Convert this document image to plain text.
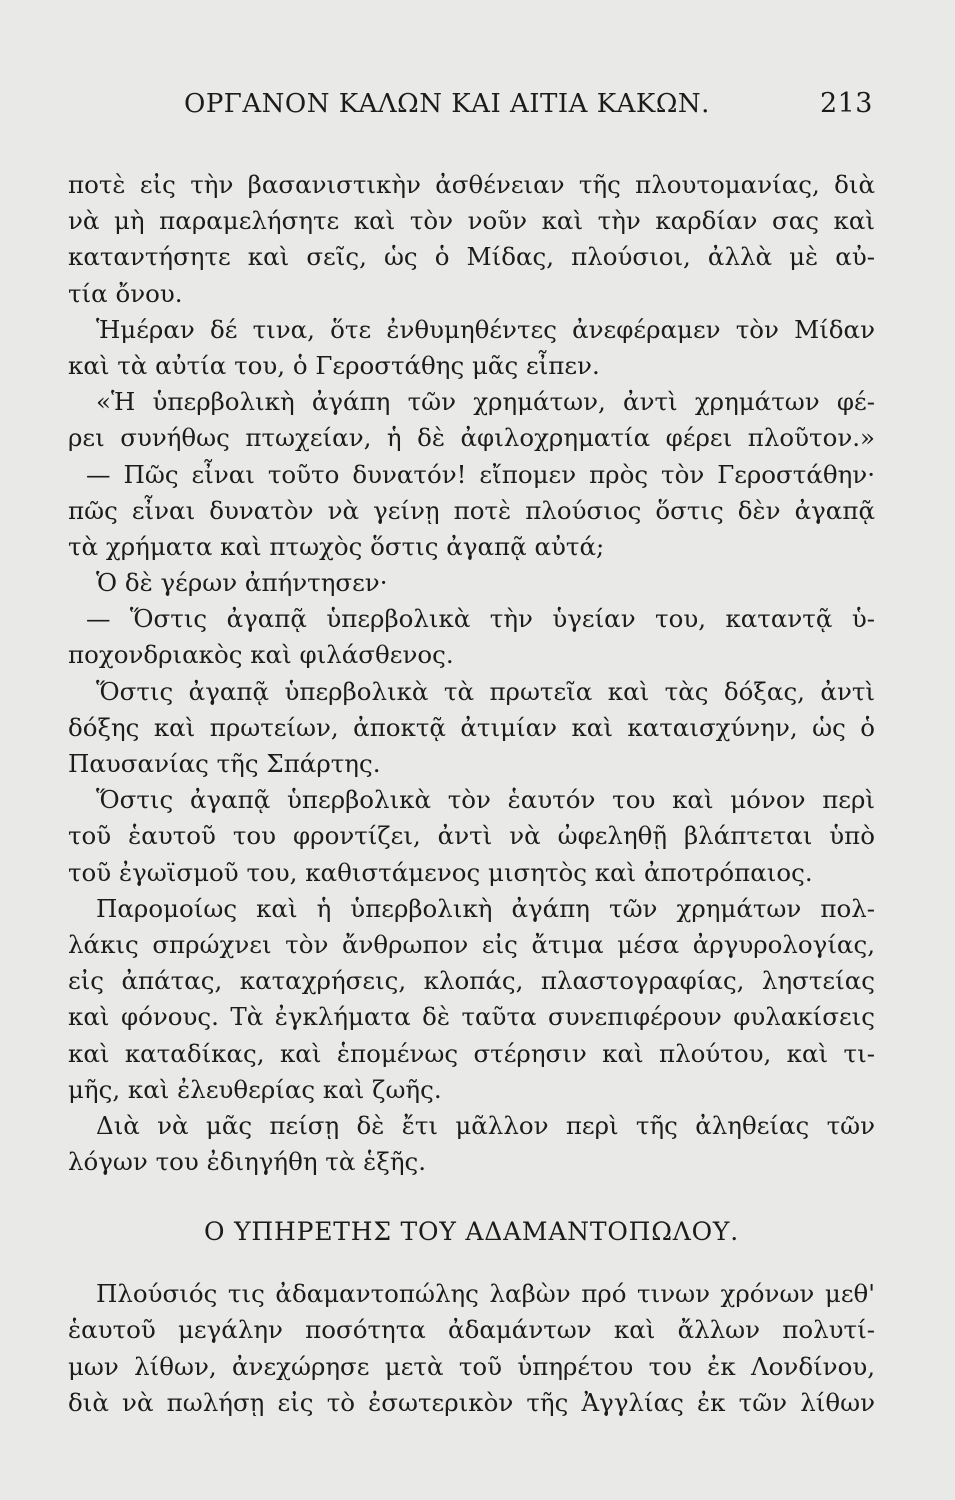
ΟΡΓΑΝΟΝ ΚΑΛΩΝ ΚΑΙ ΑΙΤΙΑ ΚΑΚΩΝ.	213
ποτὲ εἰς τὴν βασανιστικὴν ἀσθένειαν τῆς πλουτομανίας, διὰ
νὰ μὴ παραμελήσητε καὶ τὸν νοῦν καὶ τὴν καρδίαν σας καὶ
καταντήσητε καὶ σεῖς, ὡς ὁ Μίδας, πλούσιοι, ἀλλὰ μὲ αὐ-
τία ὄνου.
Ἡμέραν δέ τινα, ὅτε ἐνθυμηθέντες ἀνεφέραμεν τὸν Μίδαν
καὶ τὰ αὐτία του, ὁ Γεροστάθης μᾶς εἶπεν.
«Ἡ ὑπερβολικὴ ἀγάπη τῶν χρημάτων, ἀντὶ χρημάτων φέ-
ρει συνήθως πτωχείαν, ἡ δὲ ἀφιλοχρηματία φέρει πλοῦτον.»
— Πῶς εἶναι τοῦτο δυνατόν! εἴπομεν πρὸς τὸν Γεροστάθην·
πῶς εἶναι δυνατὸν νὰ γείνῃ ποτὲ πλούσιος ὅστις δὲν ἀγαπᾷ
τὰ χρήματα καὶ πτωχὸς ὅστις ἀγαπᾷ αὐτά;
Ὁ δὲ γέρων ἀπήντησεν·
— Ὅστις ἀγαπᾷ ὑπερβολικὰ τὴν ὑγείαν του, καταντᾷ ὑ-
ποχονδριακὸς καὶ φιλάσθενος.
Ὅστις ἀγαπᾷ ὑπερβολικὰ τὰ πρωτεῖα καὶ τὰς δόξας, ἀντὶ
δόξης καὶ πρωτείων, ἀποκτᾷ ἀτιμίαν καὶ καταισχύνην, ὡς ὁ
Παυσανίας τῆς Σπάρτης.
Ὅστις ἀγαπᾷ ὑπερβολικὰ τὸν ἑαυτόν του καὶ μόνον περὶ
τοῦ ἑαυτοῦ του φροντίζει, ἀντὶ νὰ ὠφεληθῇ βλάπτεται ὑπὸ
τοῦ ἐγωϊσμοῦ του, καθιστάμενος μισητὸς καὶ ἀποτρόπαιος.
Παρομοίως καὶ ἡ ὑπερβολικὴ ἀγάπη τῶν χρημάτων πολ-
λάκις σπρώχνει τὸν ἄνθρωπον εἰς ἄτιμα μέσα ἀργυρολογίας,
εἰς ἀπάτας, καταχρήσεις, κλοπάς, πλαστογραφίας, ληστείας
καὶ φόνους. Τὰ ἐγκλήματα δὲ ταῦτα συνεπιφέρουν φυλακίσεις
καὶ καταδίκας, καὶ ἑπομένως στέρησιν καὶ πλούτου, καὶ τι-
μῆς, καὶ ἐλευθερίας καὶ ζωῆς.
Διὰ νὰ μᾶς πείσῃ δὲ ἔτι μᾶλλον περὶ τῆς ἀληθείας τῶν
λόγων του ἐδιηγήθη τὰ ἑξῆς.
Ο ΥΠΗΡΕΤΗΣ ΤΟΥ ΑΔΑΜΑΝΤΟΠΩΛΟΥ.
Πλούσιός τις ἀδαμαντοπώλης λαβὼν πρό τινων χρόνων μεθ'
ἑαυτοῦ μεγάλην ποσότητα ἀδαμάντων καὶ ἄλλων πολυτί-
μων λίθων, ἀνεχώρησε μετὰ τοῦ ὑπηρέτου του ἐκ Λονδίνου,
διὰ νὰ πωλήσῃ εἰς τὸ ἐσωτερικὸν τῆς Ἀγγλίας ἐκ τῶν λίθων
